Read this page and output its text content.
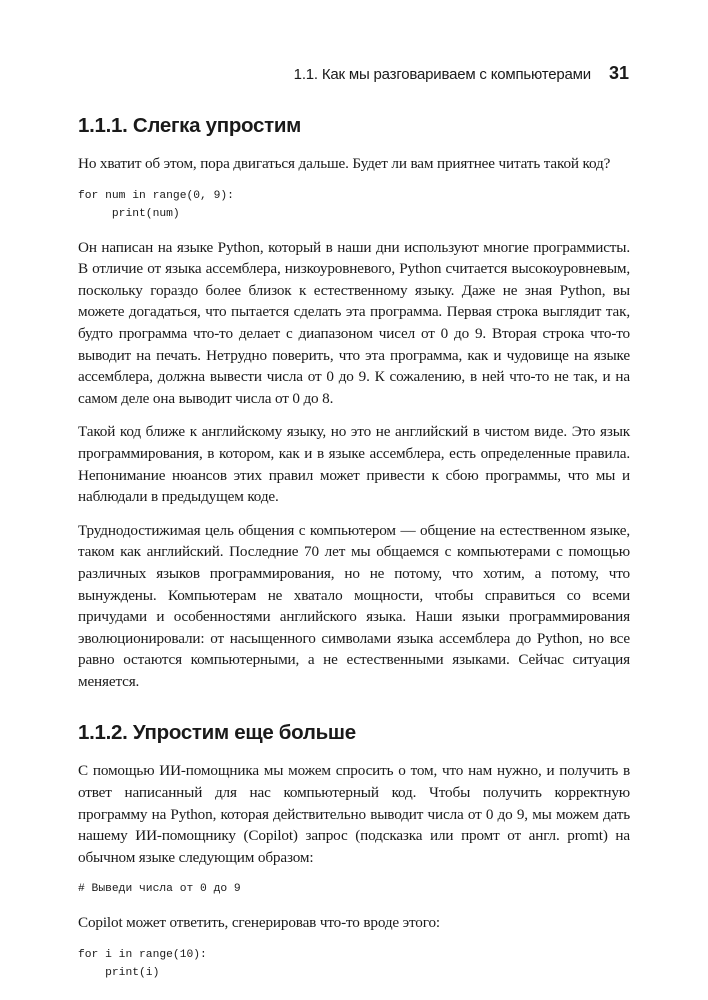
1.1. Как мы разговариваем с компьютерами 31
1.1.1. Слегка упростим

Но хватит об этом, пора двигаться дальше. Будет ли вам приятнее читать такой код?

for num in range(0, 9):
print(num)

Он написан на языке Python, который в наши дни используют многие программисты. В отличие от языка ассемблера, низкоуровневого, Python считается высокоуровневым, поскольку гораздо более близок к естественному языку. Даже не зная Python, вы можете догадаться, что пытается сделать эта программа. Первая строка выглядит так, будто программа что-то делает с диапазоном чисел от 0 до 9. Вторая строка что-то выводит на печать. Нетрудно поверить, что эта программа, как и чудовище на языке ассемблера, должна вывести числа от 0 до 9. К сожалению, в ней что-то не так, и на самом деле она выводит числа от 0 до 8.

Такой код ближе к английскому языку, но это не английский в чистом виде. Это язык программирования, в котором, как и в языке ассемблера, есть определенные правила. Непонимание нюансов этих правил может привести к сбою программы, что мы и наблюдали в предыдущем коде.

Труднодостижимая цель общения с компьютером — общение на естественном языке, таком как английский. Последние 70 лет мы общаемся с компьютерами с помощью различных языков программирования, но не потому, что хотим, а потому, что вынуждены. Компьютерам не хватало мощности, чтобы справиться со всеми причудами и особенностями английского языка. Наши языки программирования эволюционировали: от насыщенного символами языка ассемблера до Python, но все равно остаются компьютерными, а не естественными языками. Сейчас ситуация меняется.

1.1.2. Упростим еще больше

С помощью ИИ-помощника мы можем спросить о том, что нам нужно, и получить в ответ написанный для нас компьютерный код. Чтобы получить корректную программу на Python, которая действительно выводит числа от 0 до 9, мы можем дать нашему ИИ-помощнику (Copilot) запрос (подсказка или промт от англ. promt) на обычном языке следующим образом:

# Выведи числа от 0 до 9

Copilot может ответить, сгенерировав что-то вроде этого:

for i in range(10):
print(i)
